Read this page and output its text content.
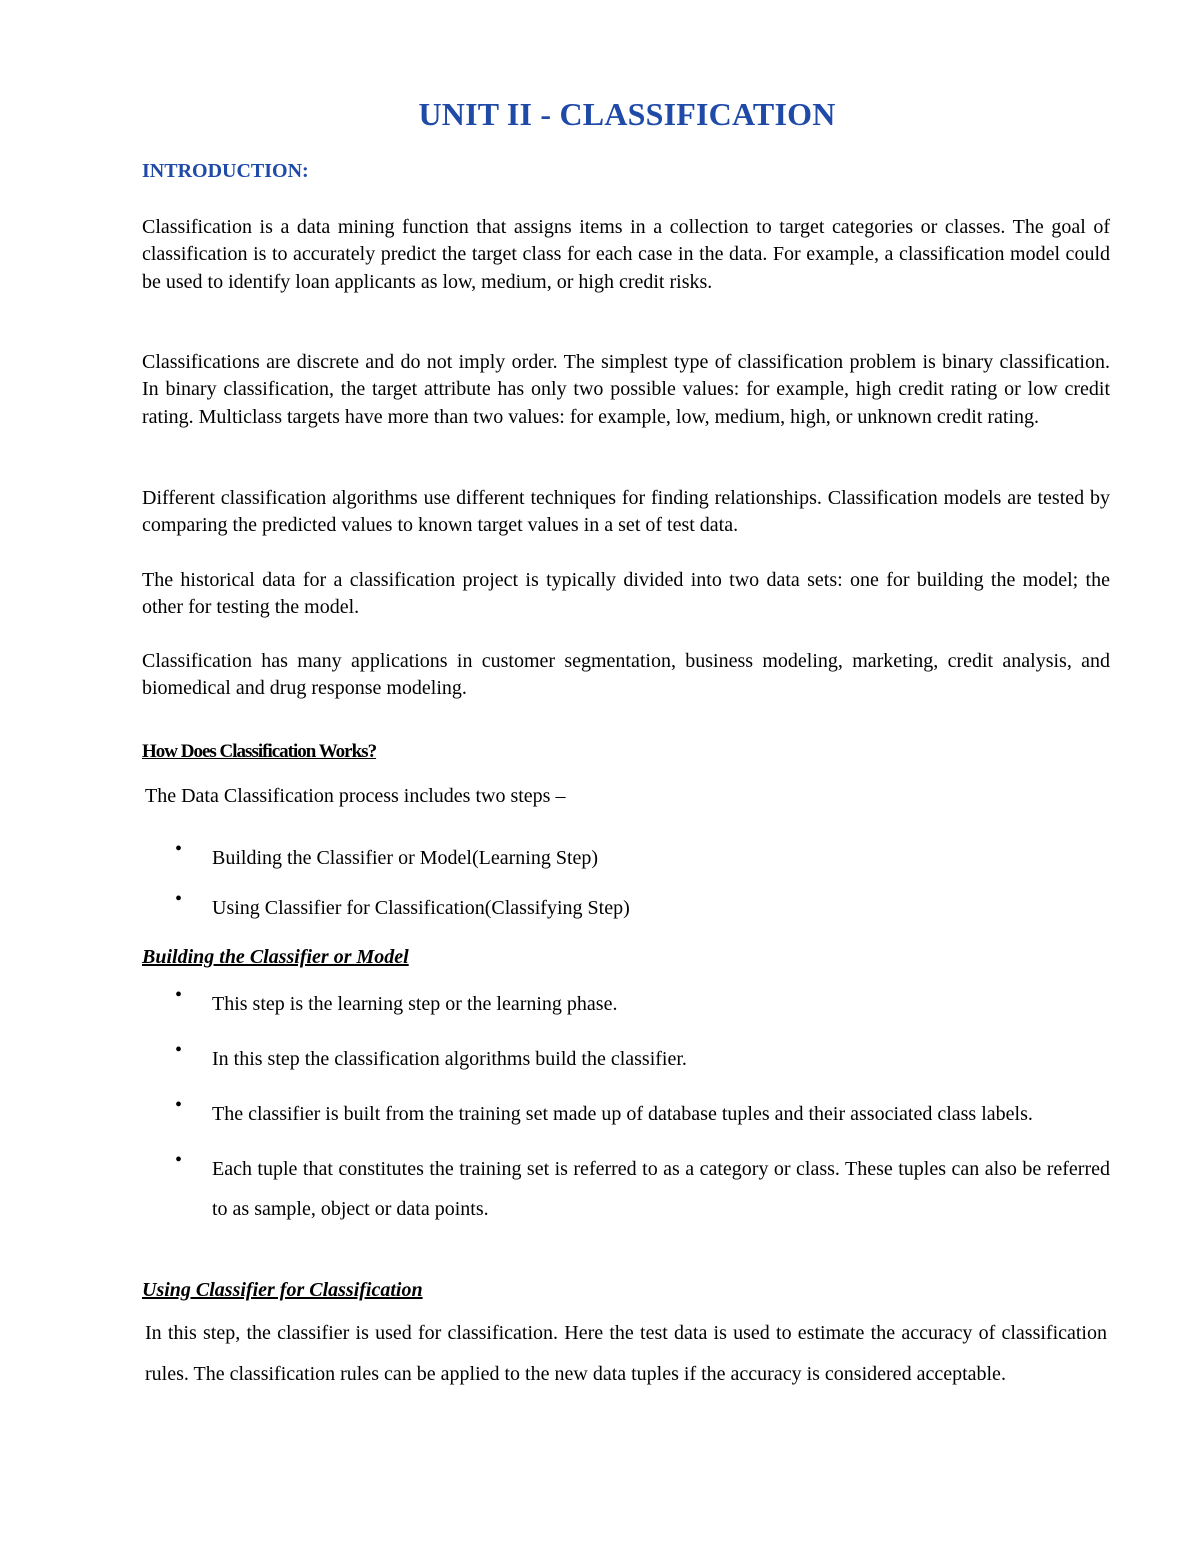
UNIT II - CLASSIFICATION
INTRODUCTION:

Classification is a data mining function that assigns items in a collection to target categories or classes. The goal of classification is to accurately predict the target class for each case in the data. For example, a classification model could be used to identify loan applicants as low, medium, or high credit risks.

Classifications are discrete and do not imply order. The simplest type of classification problem is binary classification. In binary classification, the target attribute has only two possible values: for example, high credit rating or low credit rating. Multiclass targets have more than two values: for example, low, medium, high, or unknown credit rating.

Different classification algorithms use different techniques for finding relationships. Classification models are tested by comparing the predicted values to known target values in a set of test data.

The historical data for a classification project is typically divided into two data sets: one for building the model; the other for testing the model.

Classification has many applications in customer segmentation, business modeling, marketing, credit analysis, and biomedical and drug response modeling.

How Does Classification Works?

The Data Classification process includes two steps –

• Building the Classifier or Model(Learning Step)
• Using Classifier for Classification(Classifying Step)
Building the Classifier or Model
• This step is the learning step or the learning phase.
• In this step the classification algorithms build the classifier.
• The classifier is built from the training set made up of database tuples and their associated class labels.
• Each tuple that constitutes the training set is referred to as a category or class. These tuples can also be referred to as sample, object or data points.
Using Classifier for Classification

In this step, the classifier is used for classification. Here the test data is used to estimate the accuracy of classification rules. The classification rules can be applied to the new data tuples if the accuracy is considered acceptable.
